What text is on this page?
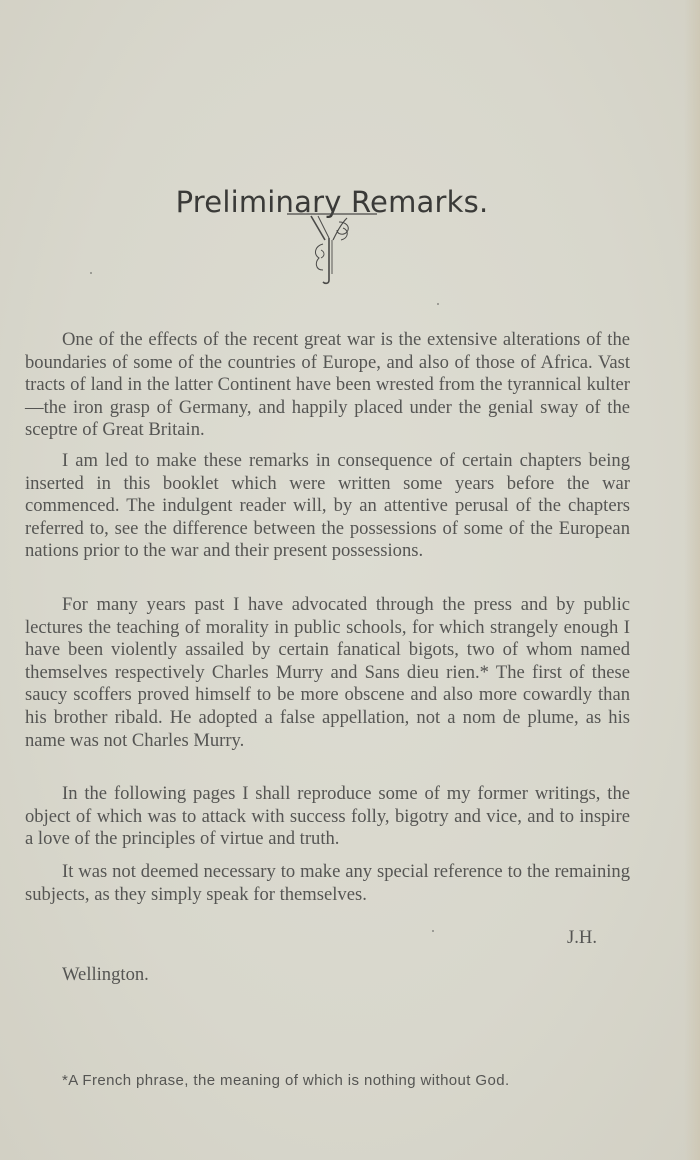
Preliminary Remarks.

One of the effects of the recent great war is the extensive alterations of the boundaries of some of the countries of Europe, and also of those of Africa. Vast tracts of land in the latter Continent have been wrested from the tyrannical kulter—the iron grasp of Germany, and happily placed under the genial sway of the sceptre of Great Britain.

I am led to make these remarks in consequence of certain chapters being inserted in this booklet which were written some years before the war commenced. The indulgent reader will, by an attentive perusal of the chapters referred to, see the difference between the possessions of some of the European nations prior to the war and their present possessions.

For many years past I have advocated through the press and by public lectures the teaching of morality in public schools, for which strangely enough I have been violently assailed by certain fanatical bigots, two of whom named themselves respectively Charles Murry and Sans dieu rien.* The first of these saucy scoffers proved himself to be more obscene and also more cowardly than his brother ribald. He adopted a false appellation, not a nom de plume, as his name was not Charles Murry.

In the following pages I shall reproduce some of my former writings, the object of which was to attack with success folly, bigotry and vice, and to inspire a love of the principles of virtue and truth.

It was not deemed necessary to make any special reference to the remaining subjects, as they simply speak for themselves.

J.H.
Wellington.
*A French phrase, the meaning of which is nothing without God.
